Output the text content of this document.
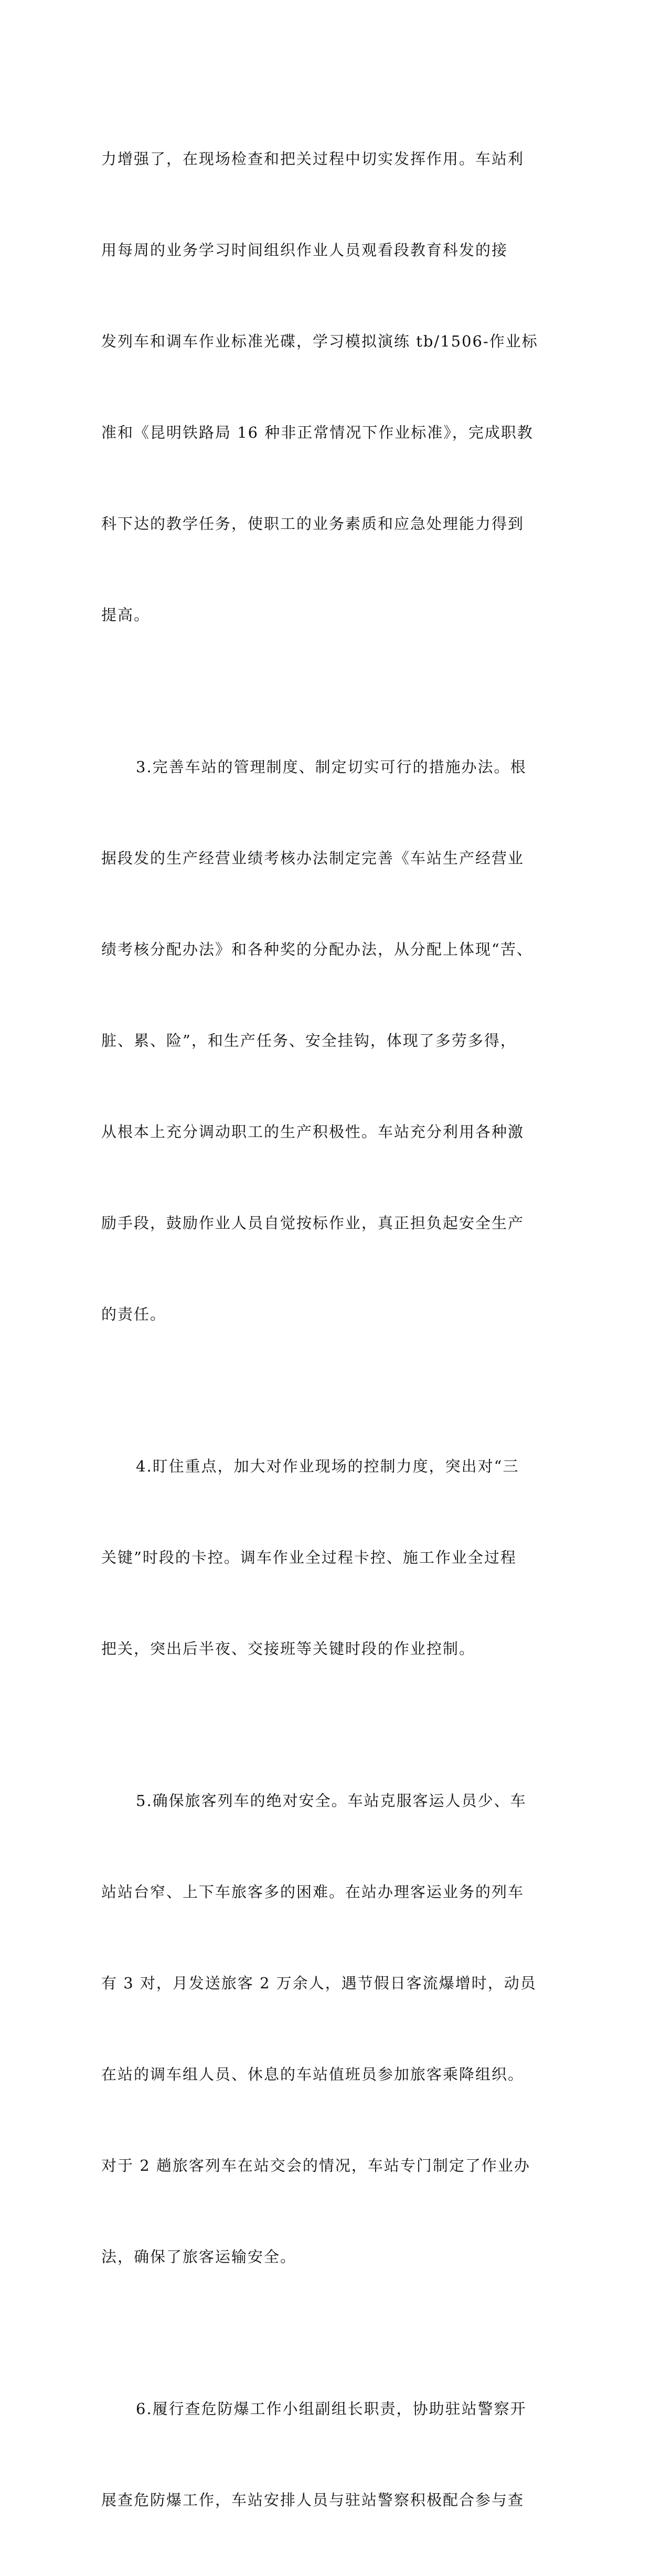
力增强了，在现场检查和把关过程中切实发挥作用。车站利

用每周的业务学习时间组织作业人员观看段教育科发的接

发列车和调车作业标准光碟，学习模拟演练 tb/1506-作业标

准和《昆明铁路局 16 种非正常情况下作业标准》，完成职教

科下达的教学任务，使职工的业务素质和应急处理能力得到

提高。

3.完善车站的管理制度、制定切实可行的措施办法。根

据段发的生产经营业绩考核办法制定完善《车站生产经营业

绩考核分配办法》和各种奖的分配办法，从分配上体现“苦、

脏、累、险”，和生产任务、安全挂钩，体现了多劳多得，

从根本上充分调动职工的生产积极性。车站充分利用各种激

励手段，鼓励作业人员自觉按标作业，真正担负起安全生产

的责任。

4.盯住重点，加大对作业现场的控制力度，突出对“三

关键”时段的卡控。调车作业全过程卡控、施工作业全过程

把关，突出后半夜、交接班等关键时段的作业控制。

5.确保旅客列车的绝对安全。车站克服客运人员少、车

站站台窄、上下车旅客多的困难。在站办理客运业务的列车

有 3 对，月发送旅客 2 万余人，遇节假日客流爆增时，动员

在站的调车组人员、休息的车站值班员参加旅客乘降组织。

对于 2 趟旅客列车在站交会的情况，车站专门制定了作业办

法，确保了旅客运输安全。

6.履行查危防爆工作小组副组长职责，协助驻站警察开

展查危防爆工作，车站安排人员与驻站警察积极配合参与查
